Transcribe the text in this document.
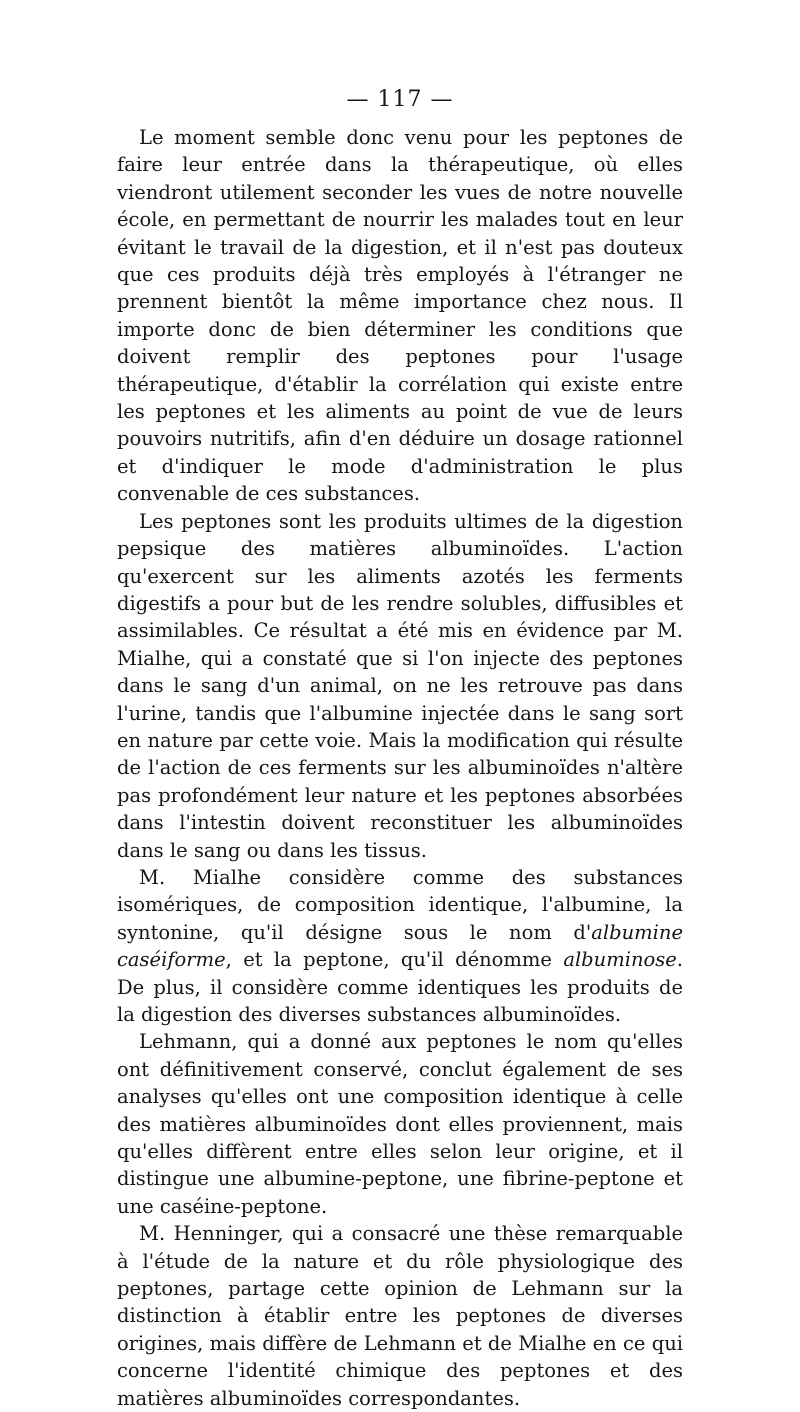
— 117 —

Le moment semble donc venu pour les peptones de faire leur entrée dans la thérapeutique, où elles viendront utilement seconder les vues de notre nouvelle école, en permettant de nourrir les malades tout en leur évitant le travail de la digestion, et il n'est pas douteux que ces produits déjà très employés à l'étranger ne prennent bientôt la même importance chez nous. Il importe donc de bien déterminer les conditions que doivent remplir des peptones pour l'usage thérapeutique, d'établir la corrélation qui existe entre les peptones et les aliments au point de vue de leurs pouvoirs nutritifs, afin d'en déduire un dosage rationnel et d'indiquer le mode d'administration le plus convenable de ces substances.

Les peptones sont les produits ultimes de la digestion pepsique des matières albuminoïdes. L'action qu'exercent sur les aliments azotés les ferments digestifs a pour but de les rendre solubles, diffusibles et assimilables. Ce résultat a été mis en évidence par M. Mialhe, qui a constaté que si l'on injecte des peptones dans le sang d'un animal, on ne les retrouve pas dans l'urine, tandis que l'albumine injectée dans le sang sort en nature par cette voie. Mais la modification qui résulte de l'action de ces ferments sur les albuminoïdes n'altère pas profondément leur nature et les peptones absorbées dans l'intestin doivent reconstituer les albuminoïdes dans le sang ou dans les tissus.

M. Mialhe considère comme des substances isomériques, de composition identique, l'albumine, la syntonine, qu'il désigne sous le nom d'albumine caséiforme, et la peptone, qu'il dénomme albuminose. De plus, il considère comme identiques les produits de la digestion des diverses substances albuminoïdes.

Lehmann, qui a donné aux peptones le nom qu'elles ont définitivement conservé, conclut également de ses analyses qu'elles ont une composition identique à celle des matières albuminoïdes dont elles proviennent, mais qu'elles diffèrent entre elles selon leur origine, et il distingue une albumine-peptone, une fibrine-peptone et une caséine-peptone.

M. Henninger, qui a consacré une thèse remarquable à l'étude de la nature et du rôle physiologique des peptones, partage cette opinion de Lehmann sur la distinction à établir entre les peptones de diverses origines, mais diffère de Lehmann et de Mialhe en ce qui concerne l'identité chimique des peptones et des matières albuminoïdes correspondantes.
